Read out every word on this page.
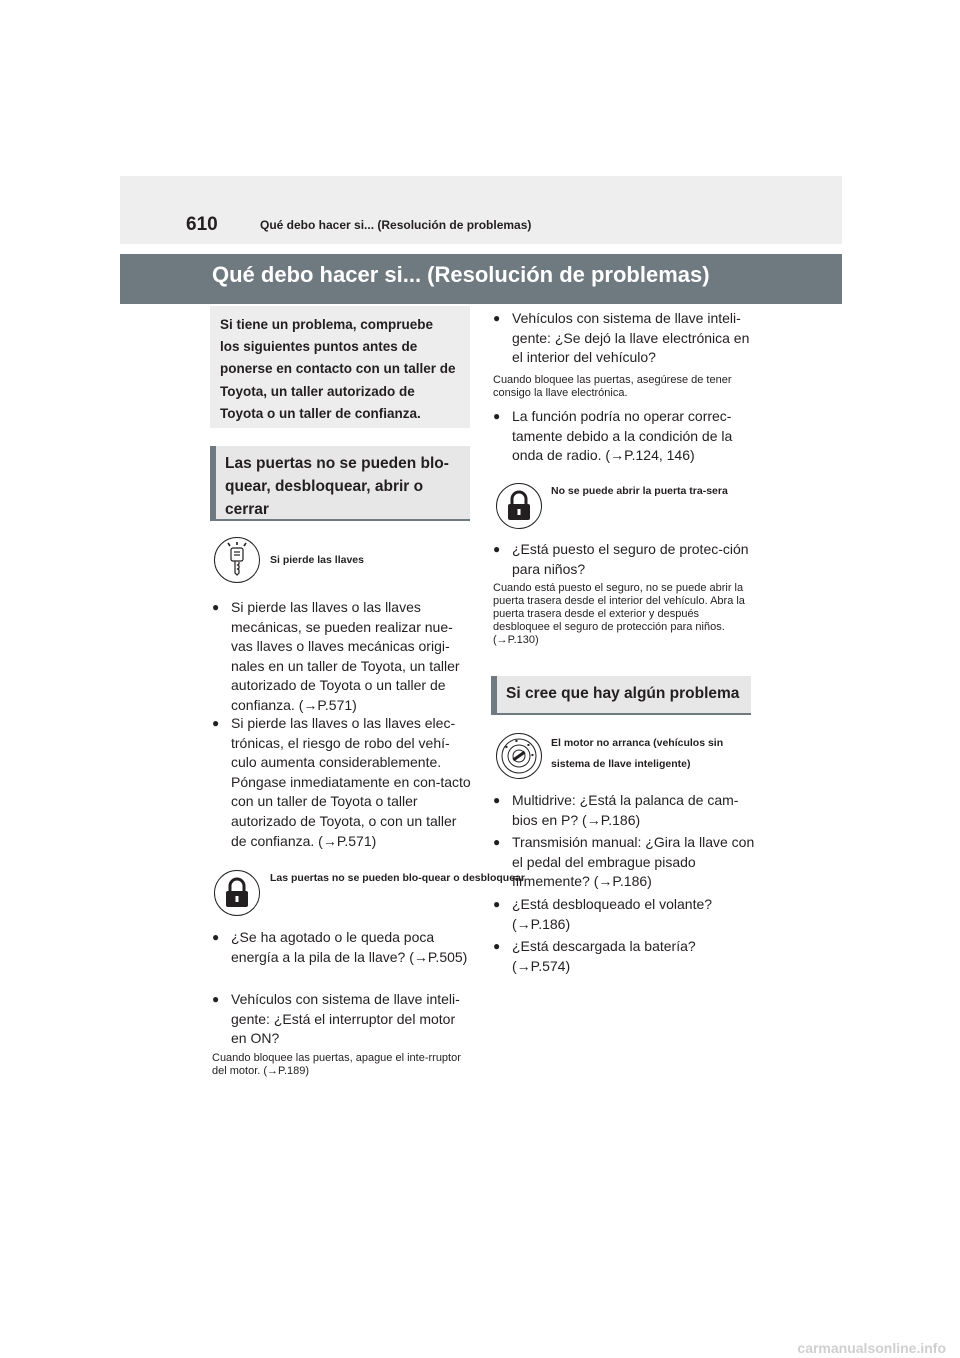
610	Qué debo hacer si... (Resolución de problemas)
Qué debo hacer si... (Resolución de problemas)

Si tiene un problema, compruebe los siguientes puntos antes de ponerse en contacto con un taller de Toyota, un taller autorizado de Toyota o un taller de confianza.

Las puertas no se pueden blo-quear, desbloquear, abrir o cerrar
Si pierde las llaves
● Si pierde las llaves o las llaves mecánicas, se pueden realizar nue-vas llaves o llaves mecánicas origi-nales en un taller de Toyota, un taller autorizado de Toyota o un taller de confianza. (→P.571)
● Si pierde las llaves o las llaves elec-trónicas, el riesgo de robo del vehí-culo aumenta considerablemente. Póngase inmediatamente en con-tacto con un taller de Toyota o taller autorizado de Toyota, o con un taller de confianza. (→P.571)
Las puertas no se pueden blo-quear o desbloquear
● ¿Se ha agotado o le queda poca energía a la pila de la llave? (→P.505)
● Vehículos con sistema de llave inteli-gente: ¿Está el interruptor del motor en ON?
Cuando bloquee las puertas, apague el inte-rruptor del motor. (→P.189)
● Vehículos con sistema de llave inteli-gente: ¿Se dejó la llave electrónica en el interior del vehículo?
Cuando bloquee las puertas, asegúrese de tener consigo la llave electrónica.
● La función podría no operar correc-tamente debido a la condición de la onda de radio. (→P.124, 146)
No se puede abrir la puerta tra-sera
● ¿Está puesto el seguro de protec-ción para niños?
Cuando está puesto el seguro, no se puede abrir la puerta trasera desde el interior del vehículo. Abra la puerta trasera desde el exterior y después desbloquee el seguro de protección para niños. (→P.130)
Si cree que hay algún problema
▪
▪
▪
▪
El motor no arranca (vehículos sin sistema de llave inteligente)
● Multidrive: ¿Está la palanca de cam-bios en P? (→P.186)
● Transmisión manual: ¿Gira la llave con el pedal del embrague pisado firmemente? (→P.186)
● ¿Está desbloqueado el volante? (→P.186)
● ¿Está descargada la batería? (→P.574)
carmanualsonline.info
